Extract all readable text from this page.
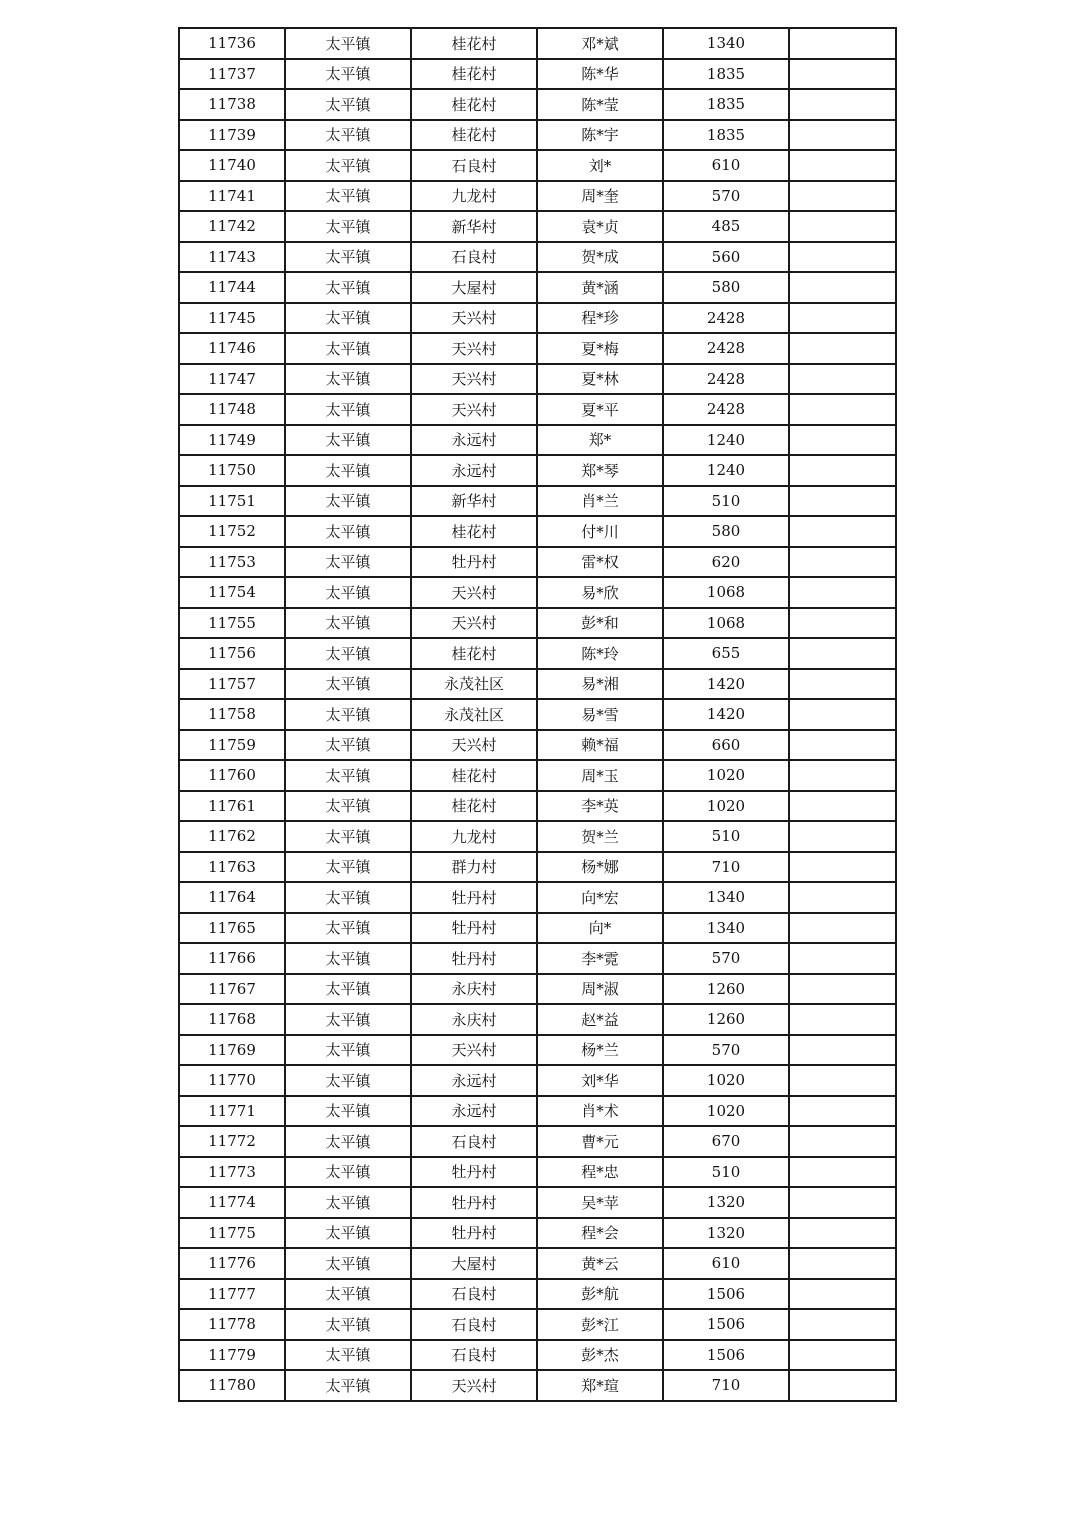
11736	太平镇	桂花村	邓*斌	1340	
11737	太平镇	桂花村	陈*华	1835	
11738	太平镇	桂花村	陈*莹	1835	
11739	太平镇	桂花村	陈*宇	1835	
11740	太平镇	石良村	刘*	610	
11741	太平镇	九龙村	周*奎	570	
11742	太平镇	新华村	袁*贞	485	
11743	太平镇	石良村	贺*成	560	
11744	太平镇	大屋村	黄*涵	580	
11745	太平镇	天兴村	程*珍	2428	
11746	太平镇	天兴村	夏*梅	2428	
11747	太平镇	天兴村	夏*林	2428	
11748	太平镇	天兴村	夏*平	2428	
11749	太平镇	永远村	郑*	1240	
11750	太平镇	永远村	郑*琴	1240	
11751	太平镇	新华村	肖*兰	510	
11752	太平镇	桂花村	付*川	580	
11753	太平镇	牡丹村	雷*权	620	
11754	太平镇	天兴村	易*欣	1068	
11755	太平镇	天兴村	彭*和	1068	
11756	太平镇	桂花村	陈*玲	655	
11757	太平镇	永茂社区	易*湘	1420	
11758	太平镇	永茂社区	易*雪	1420	
11759	太平镇	天兴村	赖*福	660	
11760	太平镇	桂花村	周*玉	1020	
11761	太平镇	桂花村	李*英	1020	
11762	太平镇	九龙村	贺*兰	510	
11763	太平镇	群力村	杨*娜	710	
11764	太平镇	牡丹村	向*宏	1340	
11765	太平镇	牡丹村	向*	1340	
11766	太平镇	牡丹村	李*霓	570	
11767	太平镇	永庆村	周*淑	1260	
11768	太平镇	永庆村	赵*益	1260	
11769	太平镇	天兴村	杨*兰	570	
11770	太平镇	永远村	刘*华	1020	
11771	太平镇	永远村	肖*术	1020	
11772	太平镇	石良村	曹*元	670	
11773	太平镇	牡丹村	程*忠	510	
11774	太平镇	牡丹村	吴*苹	1320	
11775	太平镇	牡丹村	程*会	1320	
11776	太平镇	大屋村	黄*云	610	
11777	太平镇	石良村	彭*航	1506	
11778	太平镇	石良村	彭*江	1506	
11779	太平镇	石良村	彭*杰	1506	
11780	太平镇	天兴村	郑*瑄	710	
